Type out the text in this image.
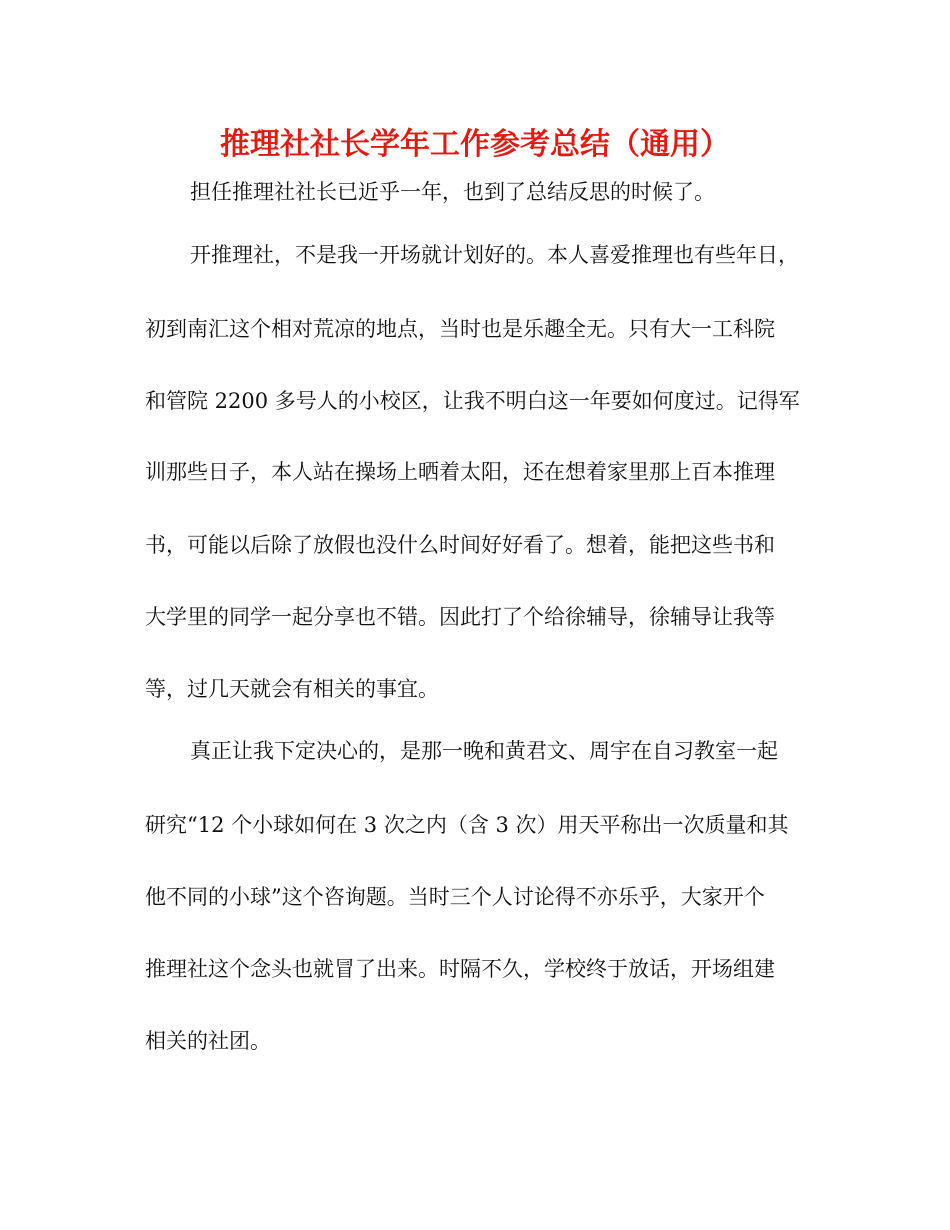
推理社社长学年工作参考总结（通用）
担任推理社社长已近乎一年，也到了总结反思的时候了。
开推理社，不是我一开场就计划好的。本人喜爱推理也有些年日，
初到南汇这个相对荒凉的地点，当时也是乐趣全无。只有大一工科院
和管院 2200 多号人的小校区，让我不明白这一年要如何度过。记得军
训那些日子，本人站在操场上晒着太阳，还在想着家里那上百本推理
书，可能以后除了放假也没什么时间好好看了。想着，能把这些书和
大学里的同学一起分享也不错。因此打了个给徐辅导，徐辅导让我等
等，过几天就会有相关的事宜。
真正让我下定决心的，是那一晚和黄君文、周宇在自习教室一起
研究“12 个小球如何在 3 次之内（含 3 次）用天平称出一次质量和其
他不同的小球”这个咨询题。当时三个人讨论得不亦乐乎，大家开个
推理社这个念头也就冒了出来。时隔不久，学校终于放话，开场组建
相关的社团。
